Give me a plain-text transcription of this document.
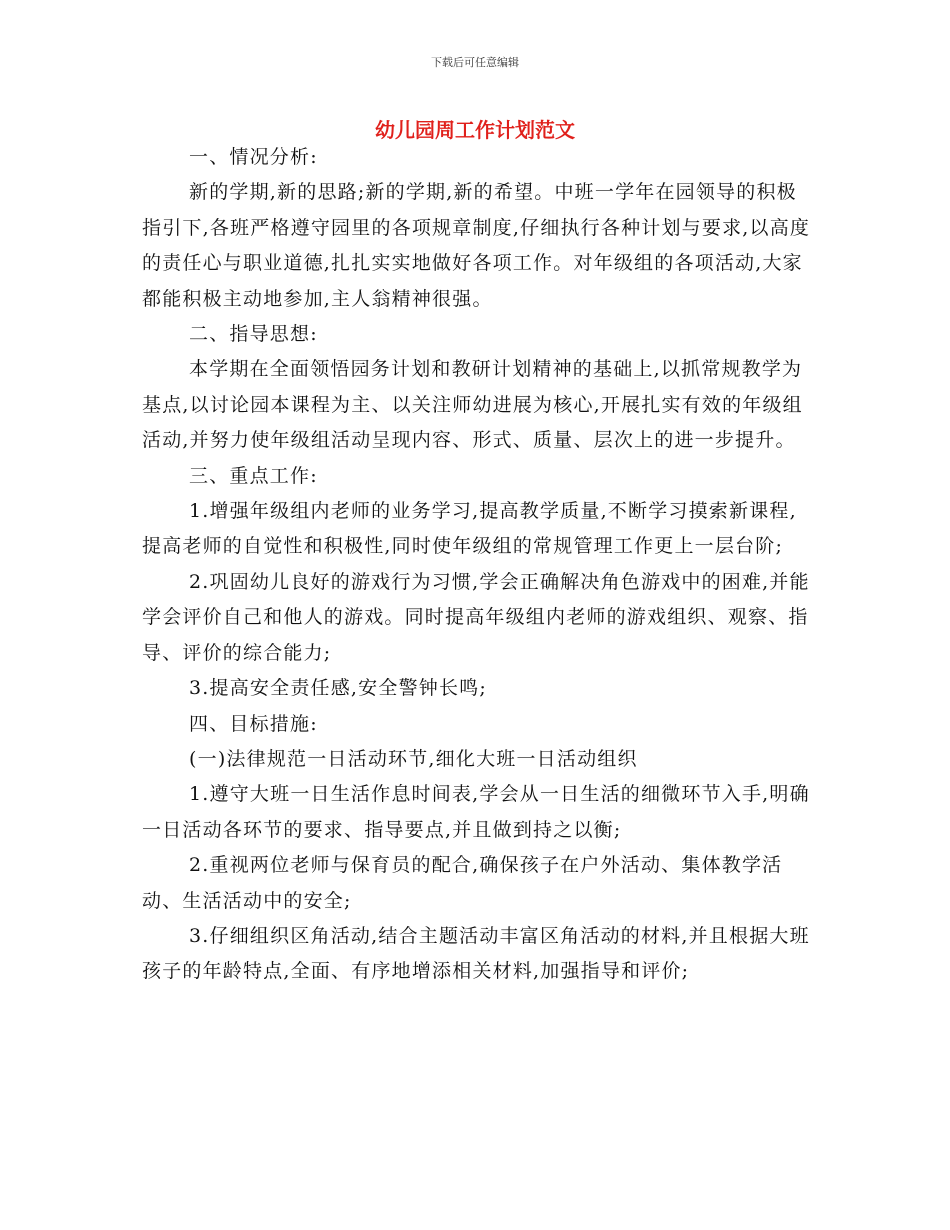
下载后可任意编辑
幼儿园周工作计划范文

一、情况分析:

新的学期,新的思路;新的学期,新的希望。中班一学年在园领导的积极指引下,各班严格遵守园里的各项规章制度,仔细执行各种计划与要求,以高度的责任心与职业道德,扎扎实实地做好各项工作。对年级组的各项活动,大家都能积极主动地参加,主人翁精神很强。

二、指导思想:

本学期在全面领悟园务计划和教研计划精神的基础上,以抓常规教学为基点,以讨论园本课程为主、以关注师幼进展为核心,开展扎实有效的年级组活动,并努力使年级组活动呈现内容、形式、质量、层次上的进一步提升。

三、重点工作:

1.增强年级组内老师的业务学习,提高教学质量,不断学习摸索新课程,提高老师的自觉性和积极性,同时使年级组的常规管理工作更上一层台阶;

2.巩固幼儿良好的游戏行为习惯,学会正确解决角色游戏中的困难,并能学会评价自己和他人的游戏。同时提高年级组内老师的游戏组织、观察、指导、评价的综合能力;

3.提高安全责任感,安全警钟长鸣;

四、目标措施:

(一)法律规范一日活动环节,细化大班一日活动组织

1.遵守大班一日生活作息时间表,学会从一日生活的细微环节入手,明确一日活动各环节的要求、指导要点,并且做到持之以衡;

2.重视两位老师与保育员的配合,确保孩子在户外活动、集体教学活动、生活活动中的安全;

3.仔细组织区角活动,结合主题活动丰富区角活动的材料,并且根据大班孩子的年龄特点,全面、有序地增添相关材料,加强指导和评价;
